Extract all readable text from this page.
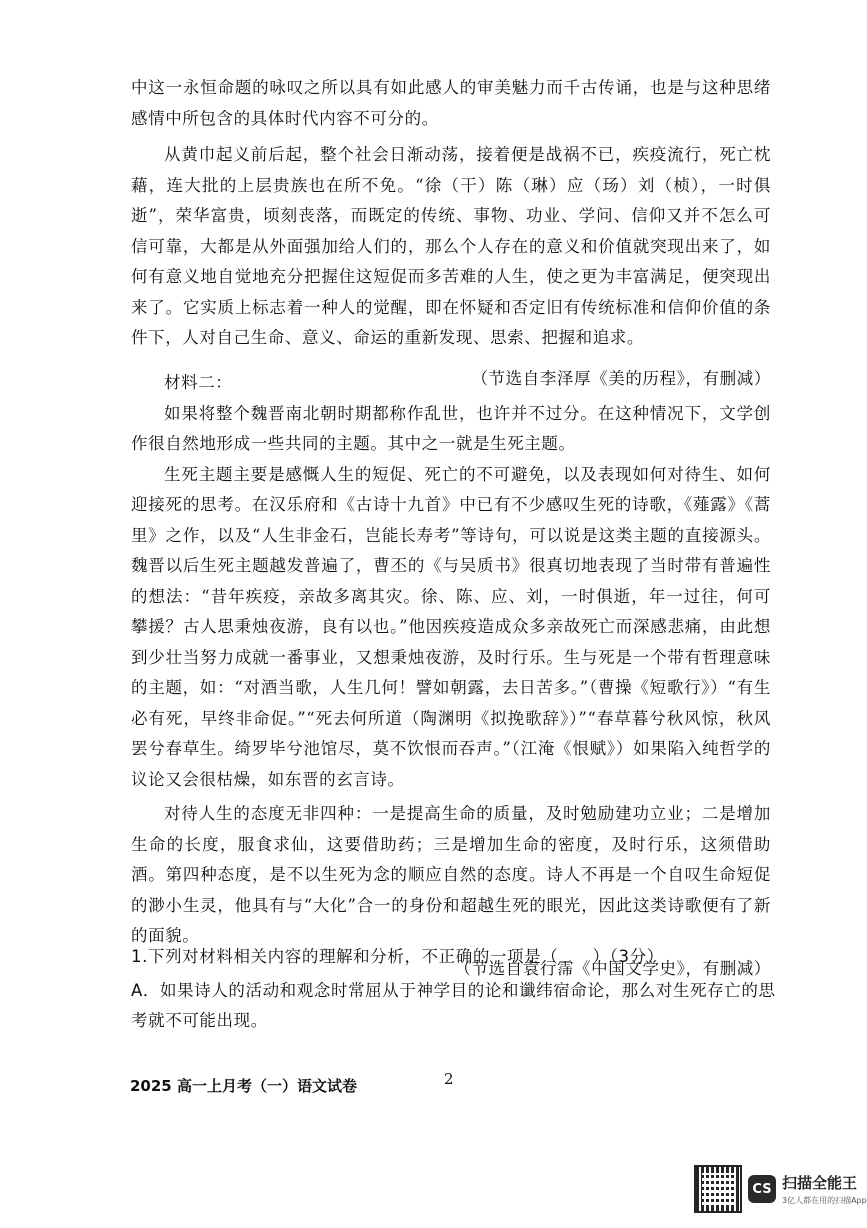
中这一永恒命题的咏叹之所以具有如此感人的审美魅力而千古传诵，也是与这种思绪感情中所包含的具体时代内容不可分的。

从黄巾起义前后起，整个社会日渐动荡，接着便是战祸不已，疾疫流行，死亡枕藉，连大批的上层贵族也在所不免。“徐（干）陈（琳）应（玚）刘（桢），一时俱逝”，荣华富贵，顷刻丧落，而既定的传统、事物、功业、学问、信仰又并不怎么可信可靠，大都是从外面强加给人们的，那么个人存在的意义和价值就突现出来了，如何有意义地自觉地充分把握住这短促而多苦难的人生，使之更为丰富满足，便突现出来了。它实质上标志着一种人的觉醒，即在怀疑和否定旧有传统标准和信仰价值的条件下，人对自己生命、意义、命运的重新发现、思索、把握和追求。

（节选自李泽厚《美的历程》，有删减）

材料二：

如果将整个魏晋南北朝时期都称作乱世，也许并不过分。在这种情况下，文学创作很自然地形成一些共同的主题。其中之一就是生死主题。

生死主题主要是感慨人生的短促、死亡的不可避免，以及表现如何对待生、如何迎接死的思考。在汉乐府和《古诗十九首》中已有不少感叹生死的诗歌，《薤露》《蒿里》之作，以及“人生非金石，岂能长寿考”等诗句，可以说是这类主题的直接源头。魏晋以后生死主题越发普遍了，曹丕的《与吴质书》很真切地表现了当时带有普遍性的想法：“昔年疾疫，亲故多离其灾。徐、陈、应、刘，一时俱逝，年一过往，何可攀援？古人思秉烛夜游，良有以也。”他因疾疫造成众多亲故死亡而深感悲痛，由此想到少壮当努力成就一番事业，又想秉烛夜游，及时行乐。生与死是一个带有哲理意味的主题，如：“对酒当歌，人生几何！譬如朝露，去日苦多。”（曹操《短歌行》）“有生必有死，早终非命促。”“死去何所道（陶渊明《拟挽歌辞》）”“春草暮兮秋风惊，秋风罢兮春草生。绮罗毕兮池馆尽，莫不饮恨而吞声。”（江淹《恨赋》）如果陷入纯哲学的议论又会很枯燥，如东晋的玄言诗。

对待人生的态度无非四种：一是提高生命的质量，及时勉励建功立业；二是增加生命的长度，服食求仙，这要借助药；三是增加生命的密度，及时行乐，这须借助酒。第四种态度，是不以生死为念的顺应自然的态度。诗人不再是一个自叹生命短促的渺小生灵，他具有与“大化”合一的身份和超越生死的眼光，因此这类诗歌便有了新的面貌。

（节选自袁行霈《中国文学史》，有删减）

1.下列对材料相关内容的理解和分析，不正确的一项是（　　）（3分）

A．如果诗人的活动和观念时常屈从于神学目的论和谶纬宿命论，那么对生死存亡的思考就不可能出现。

2025 高一上月考（一）语文试卷	2
CS 扫描全能王
3亿人都在用的扫描App
